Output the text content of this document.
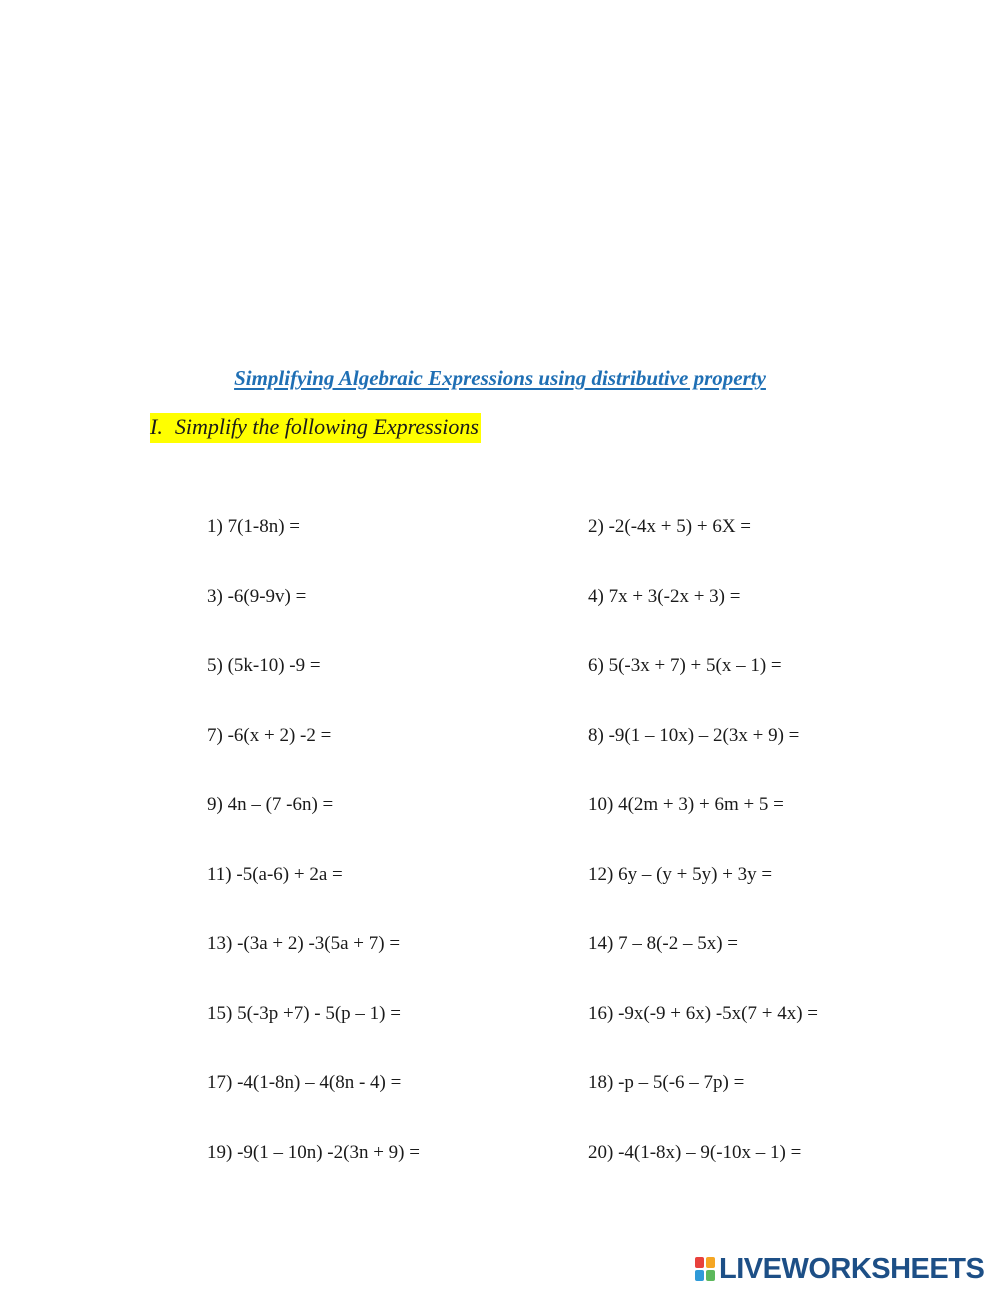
Simplifying Algebraic Expressions using distributive property
I. Simplify the following Expressions
1) 7(1-8n) =	2) -2(-4x + 5) + 6X =
3) -6(9-9v) =	4) 7x + 3(-2x + 3) =
5) (5k-10) -9 =	6) 5(-3x + 7) + 5(x – 1) =
7) -6(x + 2) -2 =	8) -9(1 – 10x) – 2(3x + 9) =
9) 4n – (7 -6n) =	10) 4(2m + 3) + 6m + 5 =
11) -5(a-6) + 2a =	12) 6y – (y + 5y) + 3y =
13) -(3a + 2) -3(5a + 7) =	14) 7 – 8(-2 – 5x) =
15) 5(-3p +7) - 5(p – 1) =	16) -9x(-9 + 6x) -5x(7 + 4x) =
17) -4(1-8n) – 4(8n - 4) =	18) -p – 5(-6 – 7p) =
19) -9(1 – 10n) -2(3n + 9) =	20) -4(1-8x) – 9(-10x – 1) =
LIVEWORKSHEETS
